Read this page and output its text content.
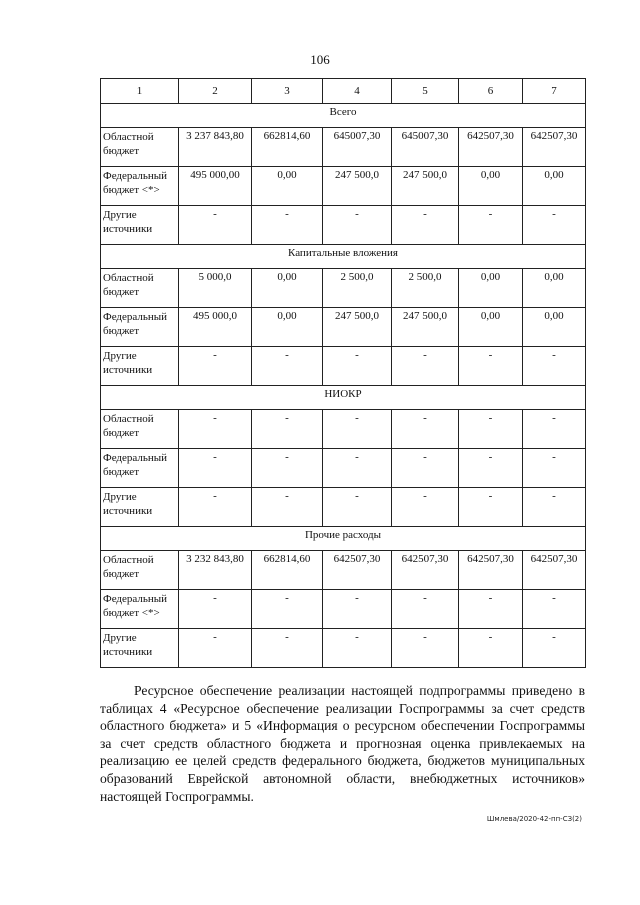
106
1	2	3	4	5	6	7
Всего						
Областной бюджет	3 237 843,80	662814,60	645007,30	645007,30	642507,30	642507,30
Федеральный бюджет <*>	495 000,00	0,00	247 500,0	247 500,0	0,00	0,00
Другие источники	-	-	-	-	-	-
Капитальные вложения						
Областной бюджет	5 000,0	0,00	2 500,0	2 500,0	0,00	0,00
Федеральный бюджет	495 000,0	0,00	247 500,0	247 500,0	0,00	0,00
Другие источники	-	-	-	-	-	-
НИОКР						
Областной бюджет	-	-	-	-	-	-
Федеральный бюджет	-	-	-	-	-	-
Другие источники	-	-	-	-	-	-
Прочие расходы						
Областной бюджет	3 232 843,80	662814,60	642507,30	642507,30	642507,30	642507,30
Федеральный бюджет <*>	-	-	-	-	-	-
Другие источники	-	-	-	-	-	-

Ресурсное обеспечение реализации настоящей подпрограммы приведено в таблицах 4 «Ресурсное обеспечение реализации Госпрограммы за счет средств областного бюджета» и 5 «Информация о ресурсном обеспечении Госпрограммы за счет средств областного бюджета и прогнозная оценка привлекаемых на реализацию ее целей средств федерального бюджета, бюджетов муниципальных образований Еврейской автономной области, внебюджетных источников» настоящей Госпрограммы.

Шмлева/2020-42-пп-СЗ(2)
